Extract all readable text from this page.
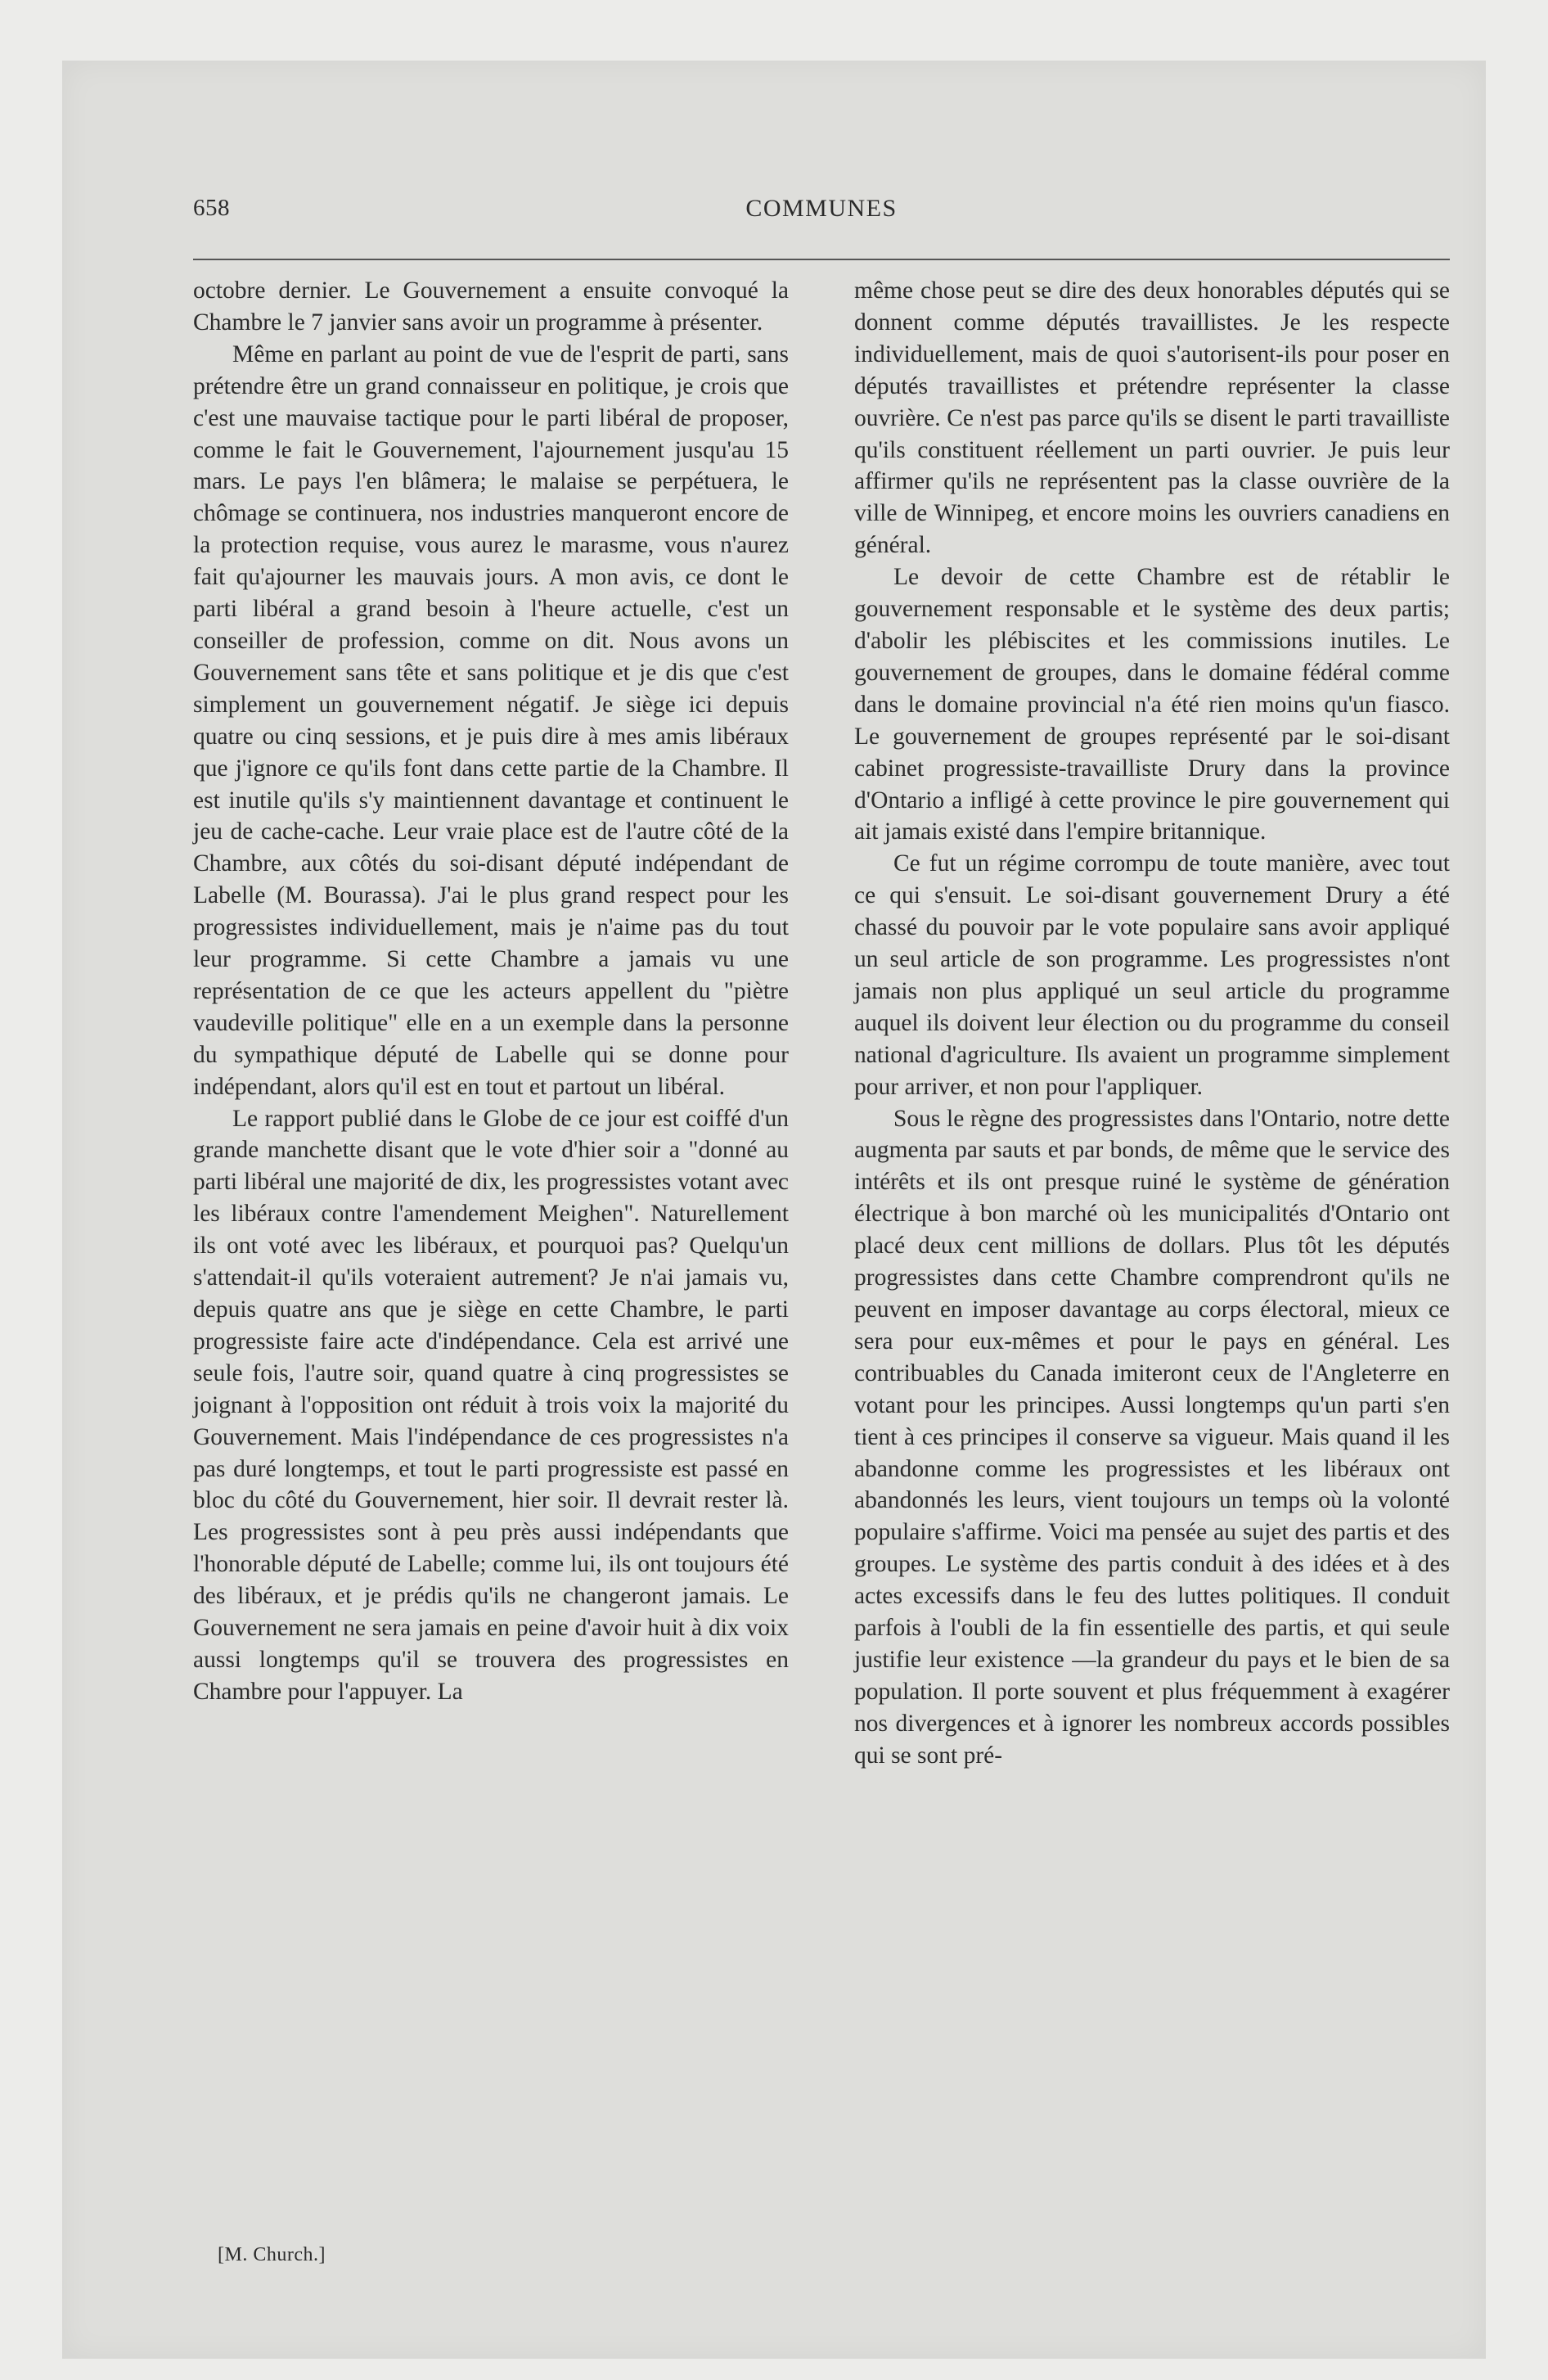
658	COMMUNES

octobre dernier. Le Gouvernement a ensuite convoqué la Chambre le 7 janvier sans avoir un programme à présenter.

Même en parlant au point de vue de l'esprit de parti, sans prétendre être un grand connaisseur en politique, je crois que c'est une mauvaise tactique pour le parti libéral de proposer, comme le fait le Gouvernement, l'ajournement jusqu'au 15 mars. Le pays l'en blâmera; le malaise se perpétuera, le chômage se continuera, nos industries manqueront encore de la protection requise, vous aurez le marasme, vous n'aurez fait qu'ajourner les mauvais jours. A mon avis, ce dont le parti libéral a grand besoin à l'heure actuelle, c'est un conseiller de profession, comme on dit. Nous avons un Gouvernement sans tête et sans politique et je dis que c'est simplement un gouvernement négatif. Je siège ici depuis quatre ou cinq sessions, et je puis dire à mes amis libéraux que j'ignore ce qu'ils font dans cette partie de la Chambre. Il est inutile qu'ils s'y maintiennent davantage et continuent le jeu de cache-cache. Leur vraie place est de l'autre côté de la Chambre, aux côtés du soi-disant député indépendant de Labelle (M. Bourassa). J'ai le plus grand respect pour les progressistes individuellement, mais je n'aime pas du tout leur programme. Si cette Chambre a jamais vu une représentation de ce que les acteurs appellent du "piètre vaudeville politique" elle en a un exemple dans la personne du sympathique député de Labelle qui se donne pour indépendant, alors qu'il est en tout et partout un libéral.

Le rapport publié dans le Globe de ce jour est coiffé d'un grande manchette disant que le vote d'hier soir a "donné au parti libéral une majorité de dix, les progressistes votant avec les libéraux contre l'amendement Meighen". Naturellement ils ont voté avec les libéraux, et pourquoi pas? Quelqu'un s'attendait-il qu'ils voteraient autrement? Je n'ai jamais vu, depuis quatre ans que je siège en cette Chambre, le parti progressiste faire acte d'indépendance. Cela est arrivé une seule fois, l'autre soir, quand quatre à cinq progressistes se joignant à l'opposition ont réduit à trois voix la majorité du Gouvernement. Mais l'indépendance de ces progressistes n'a pas duré longtemps, et tout le parti progressiste est passé en bloc du côté du Gouvernement, hier soir. Il devrait rester là. Les progressistes sont à peu près aussi indépendants que l'honorable député de Labelle; comme lui, ils ont toujours été des libéraux, et je prédis qu'ils ne changeront jamais. Le Gouvernement ne sera jamais en peine d'avoir huit à dix voix aussi longtemps qu'il se trouvera des progressistes en Chambre pour l'appuyer. La

même chose peut se dire des deux honorables députés qui se donnent comme députés travaillistes. Je les respecte individuellement, mais de quoi s'autorisent-ils pour poser en députés travaillistes et prétendre représenter la classe ouvrière. Ce n'est pas parce qu'ils se disent le parti travailliste qu'ils constituent réellement un parti ouvrier. Je puis leur affirmer qu'ils ne représentent pas la classe ouvrière de la ville de Winnipeg, et encore moins les ouvriers canadiens en général.

Le devoir de cette Chambre est de rétablir le gouvernement responsable et le système des deux partis; d'abolir les plébiscites et les commissions inutiles. Le gouvernement de groupes, dans le domaine fédéral comme dans le domaine provincial n'a été rien moins qu'un fiasco. Le gouvernement de groupes représenté par le soi-disant cabinet progressiste-travailliste Drury dans la province d'Ontario a infligé à cette province le pire gouvernement qui ait jamais existé dans l'empire britannique.

Ce fut un régime corrompu de toute manière, avec tout ce qui s'ensuit. Le soi-disant gouvernement Drury a été chassé du pouvoir par le vote populaire sans avoir appliqué un seul article de son programme. Les progressistes n'ont jamais non plus appliqué un seul article du programme auquel ils doivent leur élection ou du programme du conseil national d'agriculture. Ils avaient un programme simplement pour arriver, et non pour l'appliquer.

Sous le règne des progressistes dans l'Ontario, notre dette augmenta par sauts et par bonds, de même que le service des intérêts et ils ont presque ruiné le système de génération électrique à bon marché où les municipalités d'Ontario ont placé deux cent millions de dollars. Plus tôt les députés progressistes dans cette Chambre comprendront qu'ils ne peuvent en imposer davantage au corps électoral, mieux ce sera pour eux-mêmes et pour le pays en général. Les contribuables du Canada imiteront ceux de l'Angleterre en votant pour les principes. Aussi longtemps qu'un parti s'en tient à ces principes il conserve sa vigueur. Mais quand il les abandonne comme les progressistes et les libéraux ont abandonnés les leurs, vient toujours un temps où la volonté populaire s'affirme. Voici ma pensée au sujet des partis et des groupes. Le système des partis conduit à des idées et à des actes excessifs dans le feu des luttes politiques. Il conduit parfois à l'oubli de la fin essentielle des partis, et qui seule justifie leur existence —la grandeur du pays et le bien de sa population. Il porte souvent et plus fréquemment à exagérer nos divergences et à ignorer les nombreux accords possibles qui se sont pré-

[M. Church.]
